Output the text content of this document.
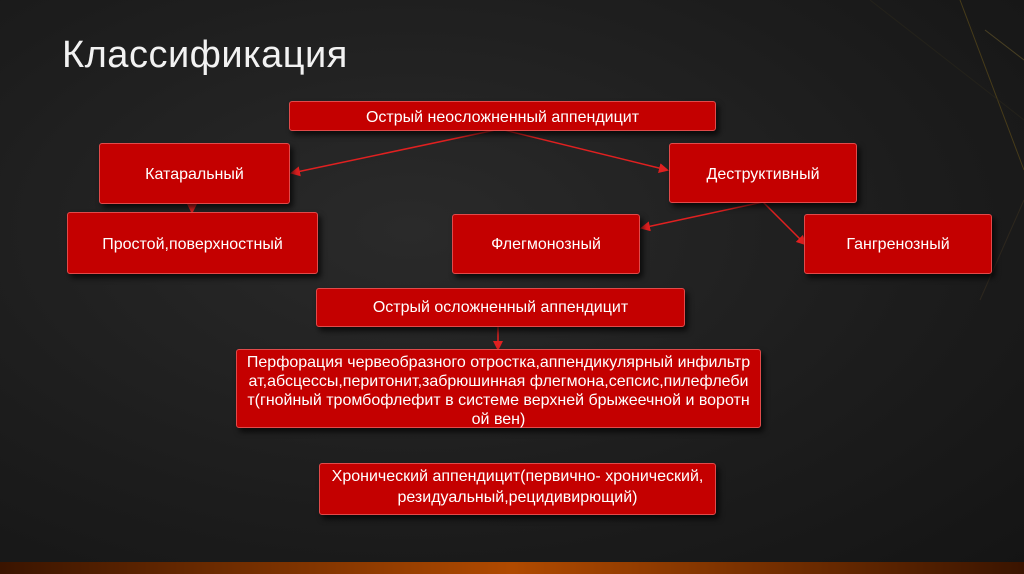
Классификация
Острый неосложненный аппендицит
Катаральный	Деструктивный
Простой,поверхностный	Флегмонозный	Гангренозный
Острый осложненный аппендицит
Перфорация червеобразного отростка,аппендикулярный инфильтрат,абсцессы,перитонит,забрюшинная флегмона,сепсис,пилефлебит(гнойный тромбофлефит в системе верхней брыжеечной и воротной вен)
Хронический аппендицит(первично- хронический,резидуальный,рецидивирющий)
